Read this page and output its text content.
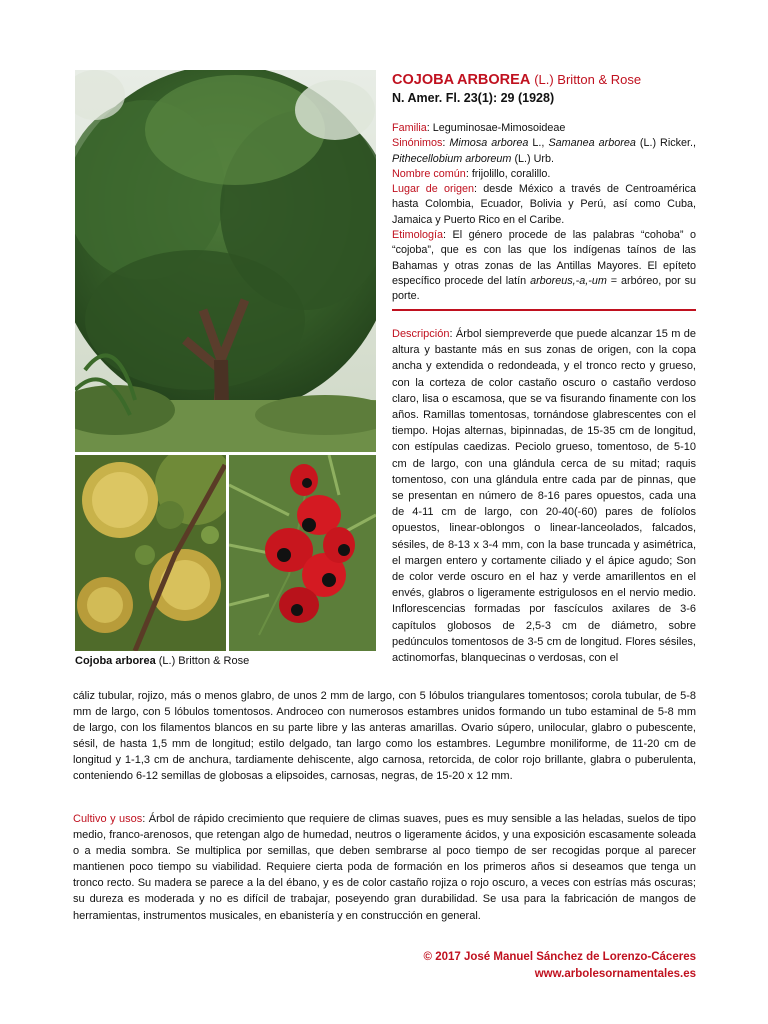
Cojoba arborea (L.) Britton & Rose
COJOBA ARBOREA (L.) Britton & Rose
N. Amer. Fl. 23(1): 29 (1928)

Familia: Leguminosae-Mimosoideae

Sinónimos: Mimosa arborea L., Samanea arborea (L.) Ricker., Pithecellobium arboreum (L.) Urb.

Nombre común: frijolillo, coralillo.

Lugar de origen: desde México a través de Centroamérica hasta Colombia, Ecuador, Bolivia y Perú, así como Cuba, Jamaica y Puerto Rico en el Caribe.

Etimología: El género procede de las palabras “cohoba” o “cojoba”, que es con las que los indígenas taínos de las Bahamas y otras zonas de las Antillas Mayores. El epíteto específico procede del latín arboreus,-a,-um = arbóreo, por su porte.

Descripción: Árbol siempreverde que puede alcanzar 15 m de altura y bastante más en sus zonas de origen, con la copa ancha y extendida o redondeada, y el tronco recto y grueso, con la corteza de color castaño oscuro o castaño verdoso claro, lisa o escamosa, que se va fisurando finamente con los años. Ramillas tomentosas, tornándose glabrescentes con el tiempo. Hojas alternas, bipinnadas, de 15-35 cm de longitud, con estípulas caedizas. Peciolo grueso, tomentoso, de 5-10 cm de largo, con una glándula cerca de su mitad; raquis tomentoso, con una glándula entre cada par de pinnas, que se presentan en número de 8-16 pares opuestos, cada una de 4-11 cm de largo, con 20-40(-60) pares de folíolos opuestos, linear-oblongos o linear-lanceolados, falcados, sésiles, de 8-13 x 3-4 mm, con la base truncada y asimétrica, el margen entero y cortamente ciliado y el ápice agudo; Son de color verde oscuro en el haz y verde amarillentos en el envés, glabros o ligeramente estrigulosos en el nervio medio. Inflorescencias formadas por fascículos axilares de 3-6 capítulos globosos de 2,5-3 cm de diámetro, sobre pedúnculos tomentosos de 3-5 cm de longitud. Flores sésiles, actinomorfas, blanquecinas o verdosas, con el
cáliz tubular, rojizo, más o menos glabro, de unos 2 mm de largo, con 5 lóbulos triangulares tomentosos; corola tubular, de 5-8 mm de largo, con 5 lóbulos tomentosos. Androceo con numerosos estambres unidos formando un tubo estaminal de 5-8 mm de largo, con los filamentos blancos en su parte libre y las anteras amarillas. Ovario súpero, unilocular, glabro o pubescente, sésil, de hasta 1,5 mm de longitud; estilo delgado, tan largo como los estambres. Legumbre moniliforme, de 11-20 cm de longitud y 1-1,3 cm de anchura, tardiamente dehiscente, algo carnosa, retorcida, de color rojo brillante, glabra o puberulenta, conteniendo 6-12 semillas de globosas a elipsoides, carnosas, negras, de 15-20 x 12 mm.
Cultivo y usos: Árbol de rápido crecimiento que requiere de climas suaves, pues es muy sensible a las heladas, suelos de tipo medio, franco-arenosos, que retengan algo de humedad, neutros o ligeramente ácidos, y una exposición escasamente soleada o a media sombra. Se multiplica por semillas, que deben sembrarse al poco tiempo de ser recogidas porque al parecer mantienen poco tiempo su viabilidad. Requiere cierta poda de formación en los primeros años si deseamos que tenga un tronco recto. Su madera se parece a la del ébano, y es de color castaño rojiza o rojo oscuro, a veces con estrías más oscuras; su dureza es moderada y no es difícil de trabajar, poseyendo gran durabilidad. Se usa para la fabricación de mangos de herramientas, instrumentos musicales, en ebanistería y en construcción en general.
© 2017 José Manuel Sánchez de Lorenzo-Cáceres
www.arbolesornamentales.es
